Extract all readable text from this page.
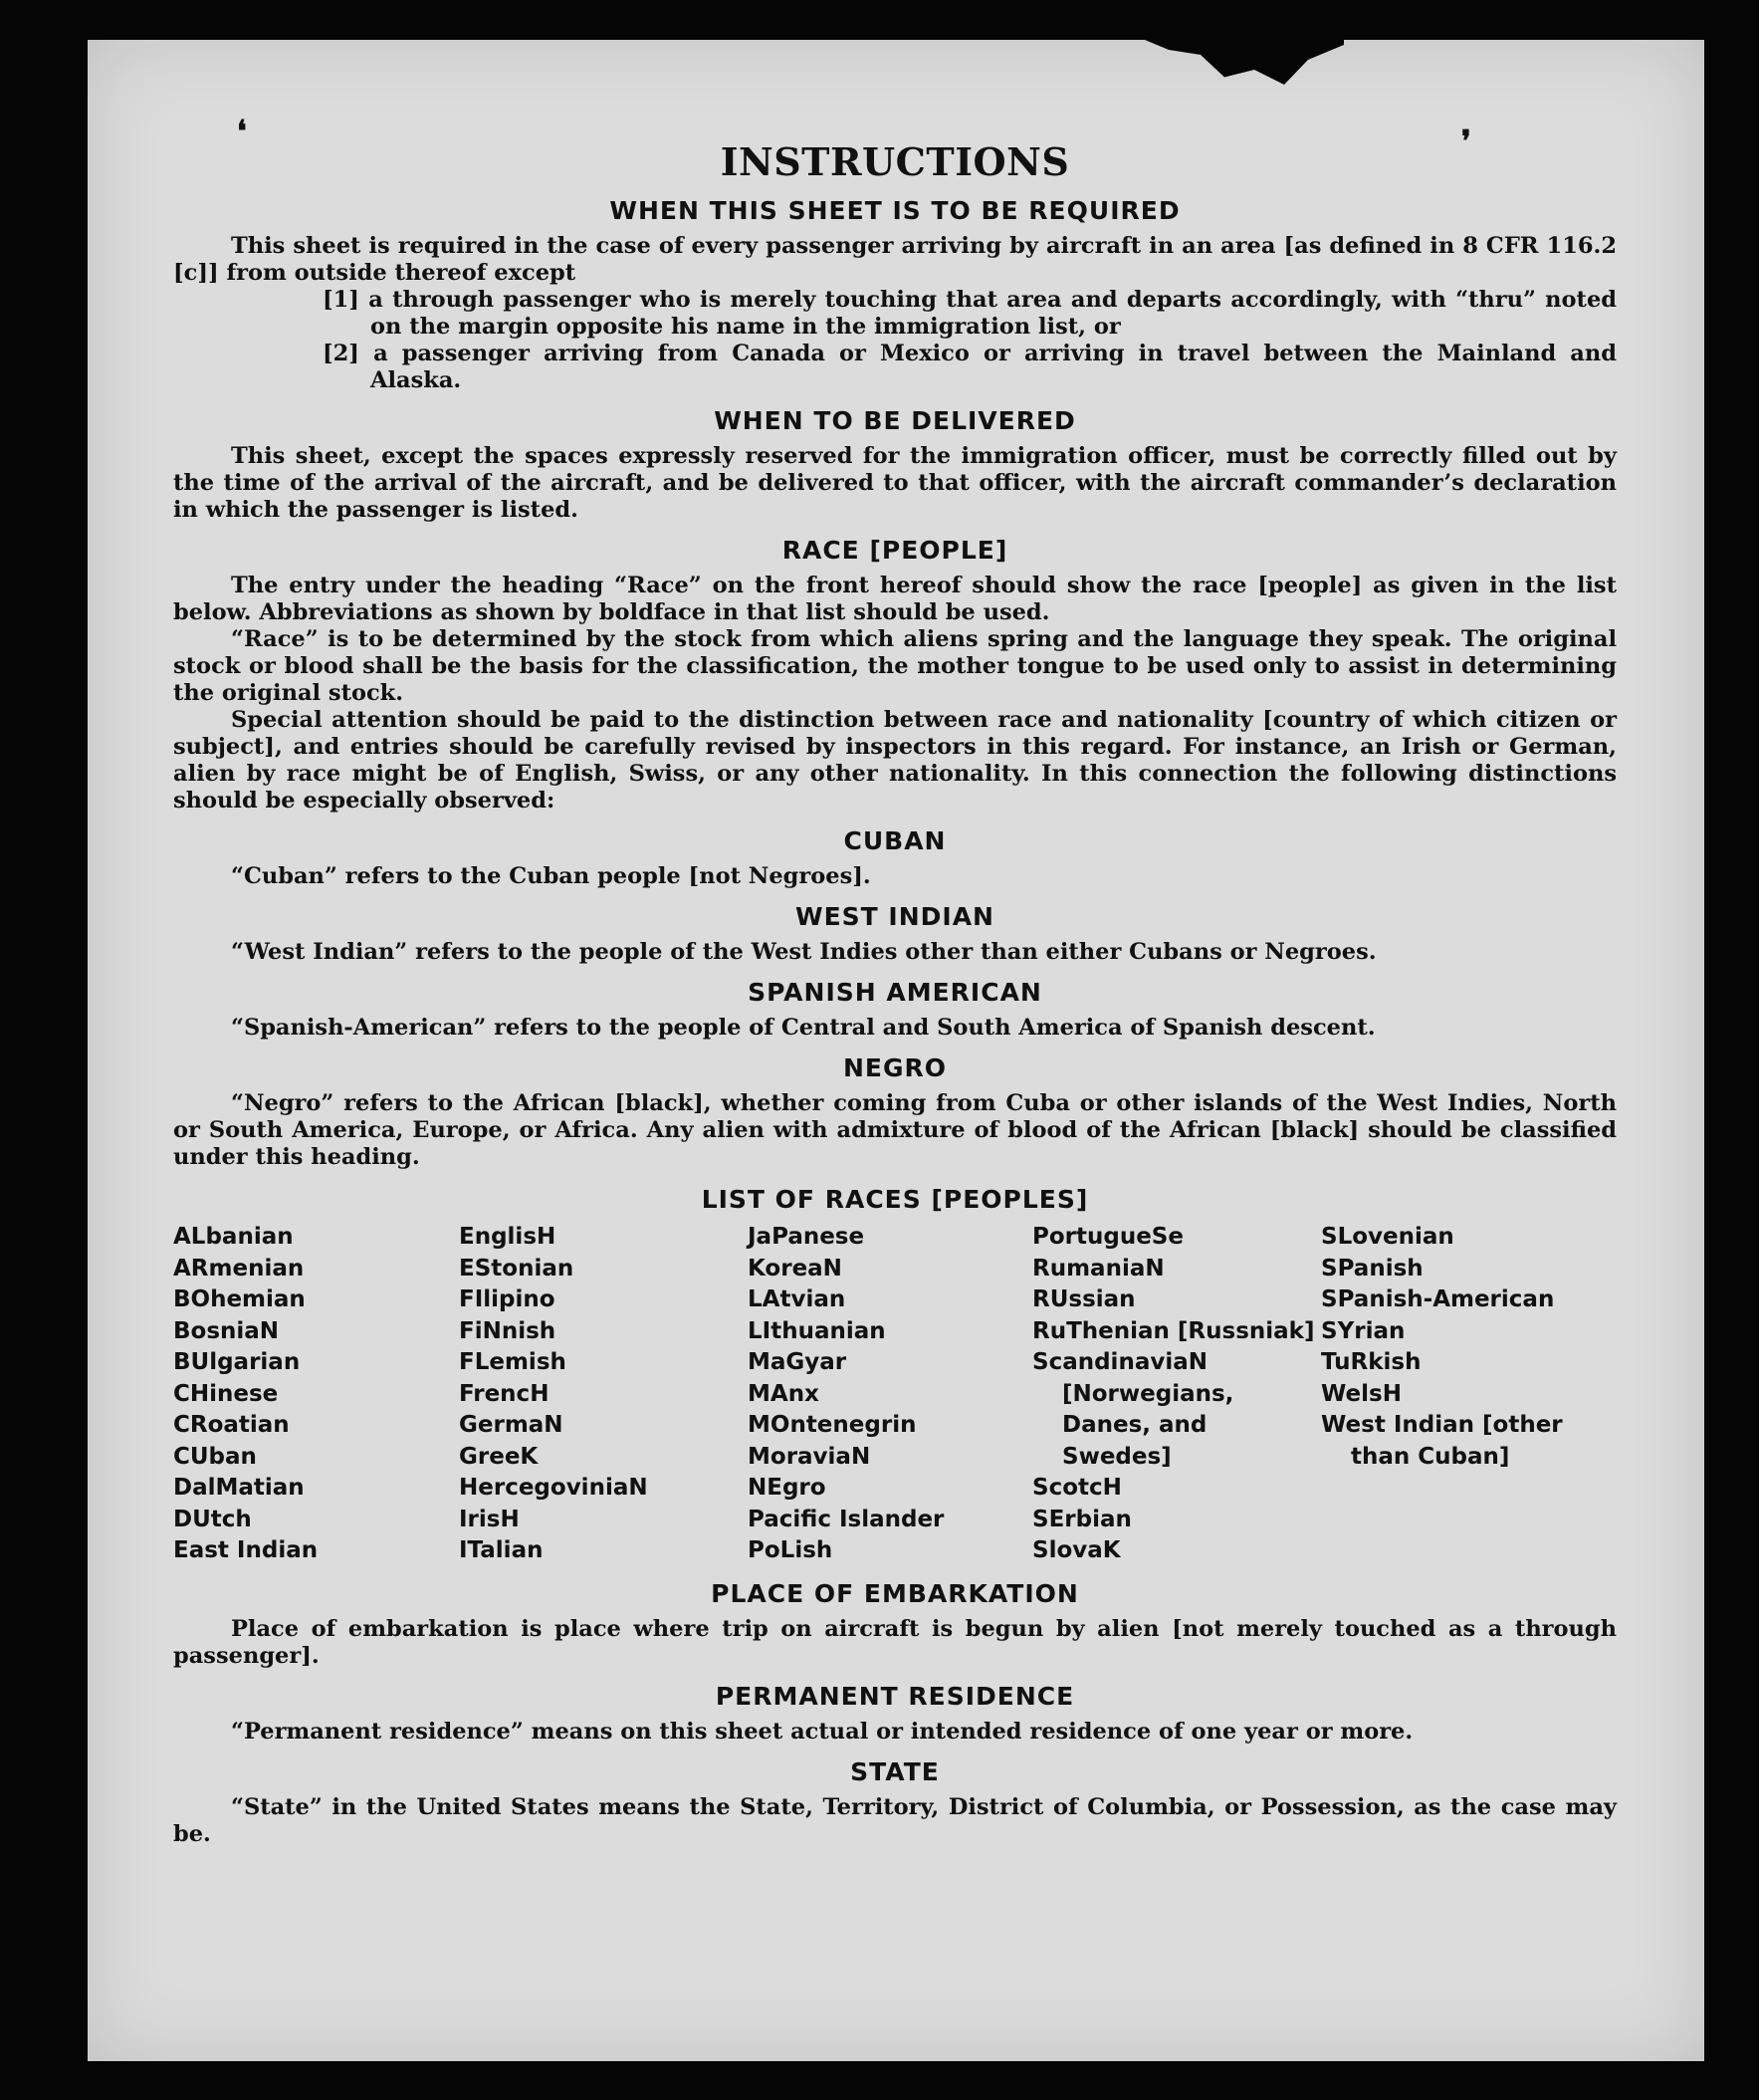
❛	❜
INSTRUCTIONS
WHEN THIS SHEET IS TO BE REQUIRED

This sheet is required in the case of every passenger arriving by aircraft in an area [as defined in 8 CFR 116.2 [c]] from outside thereof except

[1] a through passenger who is merely touching that area and departs accordingly, with “thru” noted on the margin opposite his name in the immigration list, or
[2] a passenger arriving from Canada or Mexico or arriving in travel between the Mainland and Alaska.
WHEN TO BE DELIVERED

This sheet, except the spaces expressly reserved for the immigration officer, must be correctly filled out by the time of the arrival of the aircraft, and be delivered to that officer, with the aircraft commander’s declaration in which the passenger is listed.

RACE [PEOPLE]

The entry under the heading “Race” on the front hereof should show the race [people] as given in the list below. Abbreviations as shown by boldface in that list should be used.

“Race” is to be determined by the stock from which aliens spring and the language they speak. The original stock or blood shall be the basis for the classification, the mother tongue to be used only to assist in determining the original stock.

Special attention should be paid to the distinction between race and nationality [country of which citizen or subject], and entries should be carefully revised by inspectors in this regard. For instance, an Irish or German, alien by race might be of English, Swiss, or any other nationality. In this connection the following distinctions should be especially observed:

CUBAN

“Cuban” refers to the Cuban people [not Negroes].

WEST INDIAN

“West Indian” refers to the people of the West Indies other than either Cubans or Negroes.

SPANISH AMERICAN

“Spanish-American” refers to the people of Central and South America of Spanish descent.

NEGRO

“Negro” refers to the African [black], whether coming from Cuba or other islands of the West Indies, North or South America, Europe, or Africa. Any alien with admixture of blood of the African [black] should be classified under this heading.

LIST OF RACES [PEOPLES]
ALbanian
ARmenian
BOhemian
BosniaN
BUlgarian
CHinese
CRoatian
CUban
DalMatian
DUtch
East Indian
EnglisH
EStonian
FIlipino
FiNnish
FLemish
FrencH
GermaN
GreeK
HercegoviniaN
IrisH
ITalian
JaPanese
KoreaN
LAtvian
LIthuanian
MaGyar
MAnx
MOntenegrin
MoraviaN
NEgro
Pacific Islander
PoLish
PortugueSe
RumaniaN
RUssian
RuThenian [Russniak]
ScandinaviaN [Norwegians, Danes, and Swedes]
ScotcH
SErbian
SlovaK
SLovenian
SPanish
SPanish-American
SYrian
TuRkish
WelsH
West Indian [other than Cuban]
PLACE OF EMBARKATION

Place of embarkation is place where trip on aircraft is begun by alien [not merely touched as a through passenger].

PERMANENT RESIDENCE

“Permanent residence” means on this sheet actual or intended residence of one year or more.

STATE

“State” in the United States means the State, Territory, District of Columbia, or Possession, as the case may be.
